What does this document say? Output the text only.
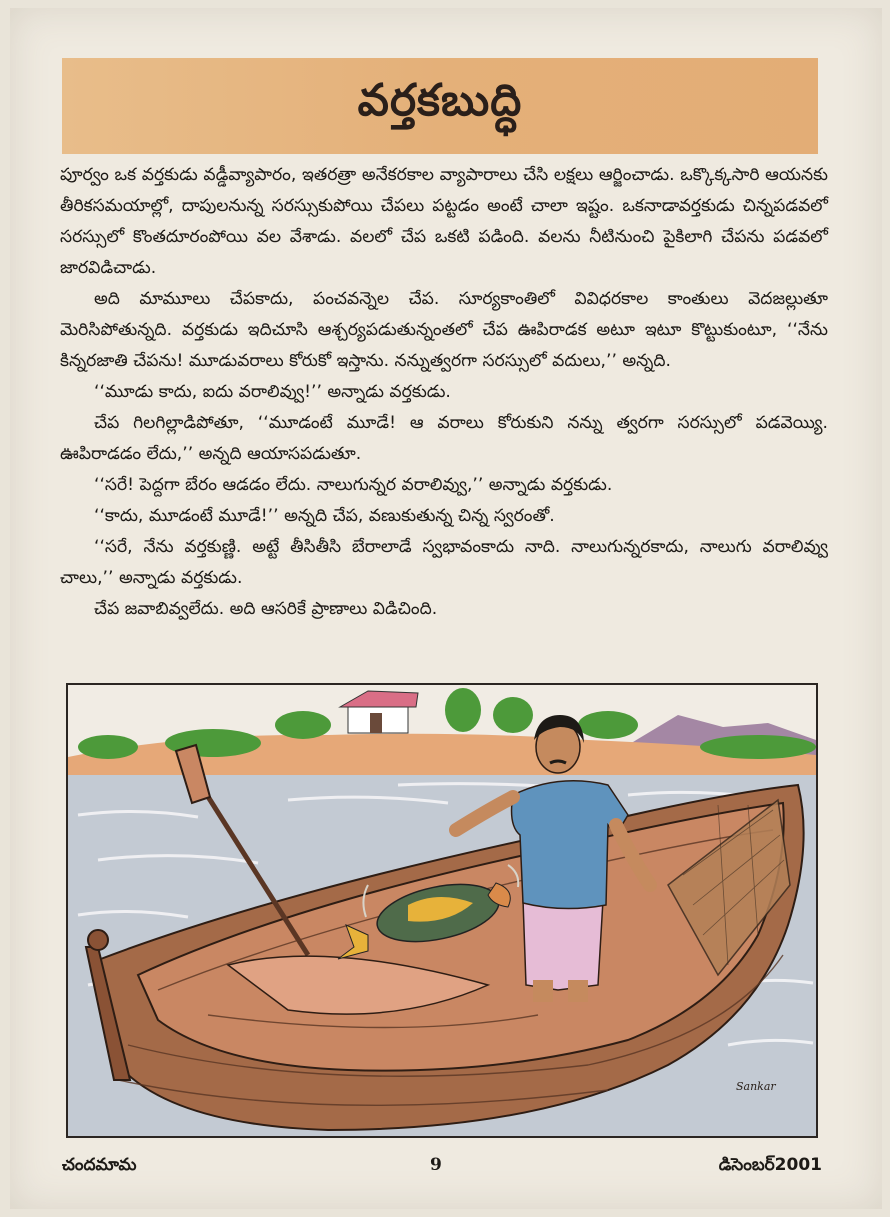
వర్తకబుద్ధి

పూర్వం ఒక వర్తకుడు వడ్డీవ్యాపారం, ఇతరత్రా అనేకరకాల వ్యాపారాలు చేసి లక్షలు ఆర్జించాడు. ఒక్కొక్కసారి ఆయనకు తీరికసమయాల్లో, దాపులనున్న సరస్సుకుపోయి చేపలు పట్టడం అంటే చాలా ఇష్టం. ఒకనాడావర్తకుడు చిన్నపడవలో సరస్సులో కొంతదూరంపోయి వల వేశాడు. వలలో చేప ఒకటి పడింది. వలను నీటినుంచి పైకిలాగి చేపను పడవలో జారవిడిచాడు.

అది మామూలు చేపకాదు, పంచవన్నెల చేప. సూర్యకాంతిలో వివిధరకాల కాంతులు వెదజల్లుతూ మెరిసిపోతున్నది. వర్తకుడు ఇదిచూసి ఆశ్చర్యపడుతున్నంతలో చేప ఊపిరాడక అటూ ఇటూ కొట్టుకుంటూ, ‘‘నేను కిన్నరజాతి చేపను! మూడువరాలు కోరుకో ఇస్తాను. నన్నుత్వరగా సరస్సులో వదులు,’’ అన్నది.

‘‘మూడు కాదు, ఐదు వరాలివ్వు!’’ అన్నాడు వర్తకుడు.

చేప గిలగిల్లాడిపోతూ, ‘‘మూడంటే మూడే! ఆ వరాలు కోరుకుని నన్ను త్వరగా సరస్సులో పడవెయ్యి. ఊపిరాడడం లేదు,’’ అన్నది ఆయాసపడుతూ.

‘‘సరే! పెద్దగా బేరం ఆడడం లేదు. నాలుగున్నర వరాలివ్వు,’’ అన్నాడు వర్తకుడు.

‘‘కాదు, మూడంటే మూడే!’’ అన్నది చేప, వణుకుతున్న చిన్న స్వరంతో.

‘‘సరే, నేను వర్తకుణ్ణి. అట్టే తీసితీసి బేరాలాడే స్వభావంకాదు నాది. నాలుగున్నరకాదు, నాలుగు వరాలివ్వు చాలు,’’ అన్నాడు వర్తకుడు.

చేప జవాబివ్వలేదు. అది ఆసరికే ప్రాణాలు విడిచింది.

Sankar
చందమామ	9	డిసెంబర్2001
